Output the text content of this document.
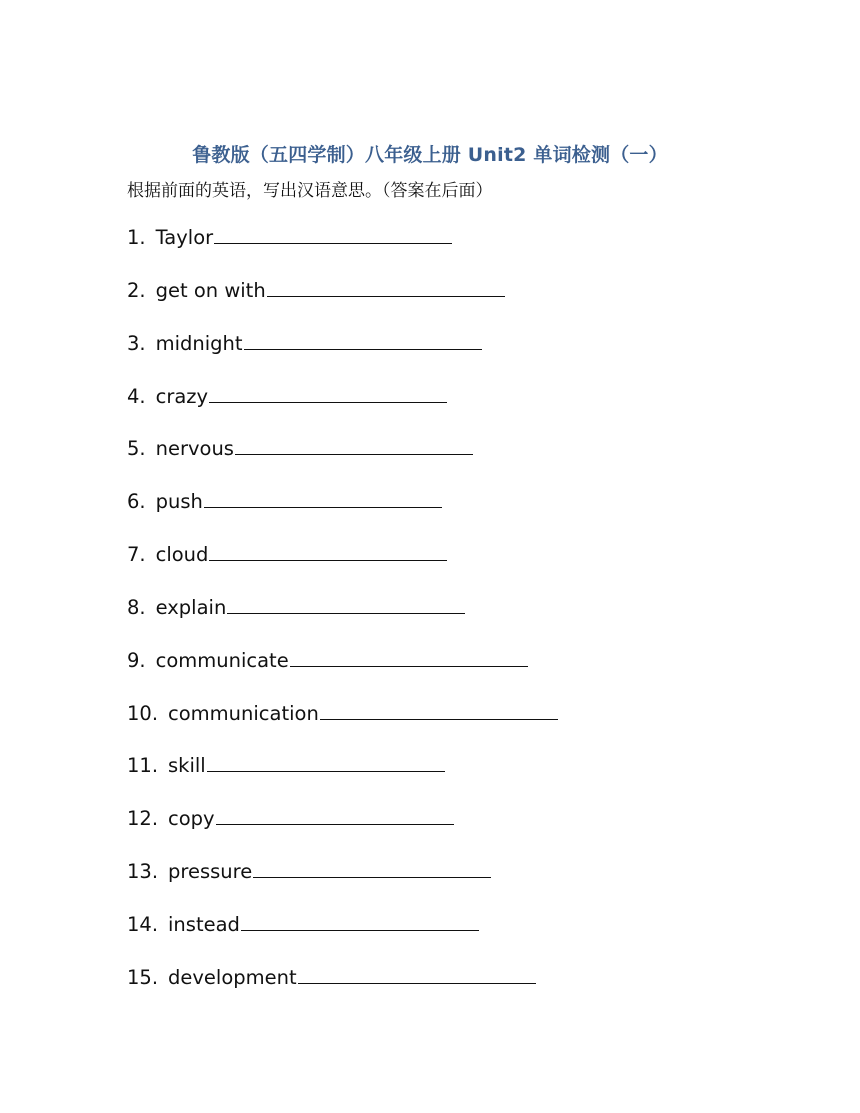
鲁教版（五四学制）八年级上册 Unit2 单词检测（一）
根据前面的英语，写出汉语意思。（答案在后面）
1. Taylor
2. get on with
3. midnight
4. crazy
5. nervous
6. push
7. cloud
8. explain
9. communicate
10. communication
11. skill
12. copy
13. pressure
14. instead
15. development
